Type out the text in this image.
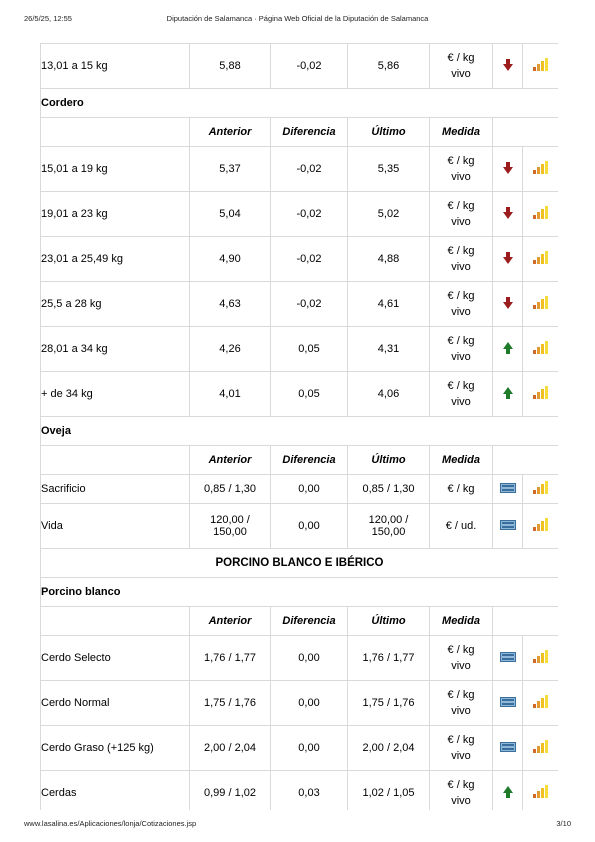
26/5/25, 12:55	Diputación de Salamanca · Página Web Oficial de la Diputación de Salamanca
13,01 a 15 kg	5,88	-0,02	5,86	€ / kg
vivo		
Cordero						
	Anterior	Diferencia	Último	Medida		
15,01 a 19 kg	5,37	-0,02	5,35	€ / kg
vivo		
19,01 a 23 kg	5,04	-0,02	5,02	€ / kg
vivo		
23,01 a 25,49 kg	4,90	-0,02	4,88	€ / kg
vivo		
25,5 a 28 kg	4,63	-0,02	4,61	€ / kg
vivo		
28,01 a 34 kg	4,26	0,05	4,31	€ / kg
vivo		
+ de 34 kg	4,01	0,05	4,06	€ / kg
vivo		
Oveja						
	Anterior	Diferencia	Último	Medida		
Sacrificio	0,85 / 1,30	0,00	0,85 / 1,30	€ / kg		
Vida	120,00 /
150,00	0,00	120,00 /
150,00	€ / ud.		
PORCINO BLANCO E IBÉRICO						
Porcino blanco						
	Anterior	Diferencia	Último	Medida		
Cerdo Selecto	1,76 / 1,77	0,00	1,76 / 1,77	€ / kg
vivo		
Cerdo Normal	1,75 / 1,76	0,00	1,75 / 1,76	€ / kg
vivo		
Cerdo Graso (+125 kg)	2,00 / 2,04	0,00	2,00 / 2,04	€ / kg
vivo		
Cerdas	0,99 / 1,02	0,03	1,02 / 1,05	€ / kg
vivo		
www.lasalina.es/Aplicaciones/lonja/Cotizaciones.jsp	3/10
